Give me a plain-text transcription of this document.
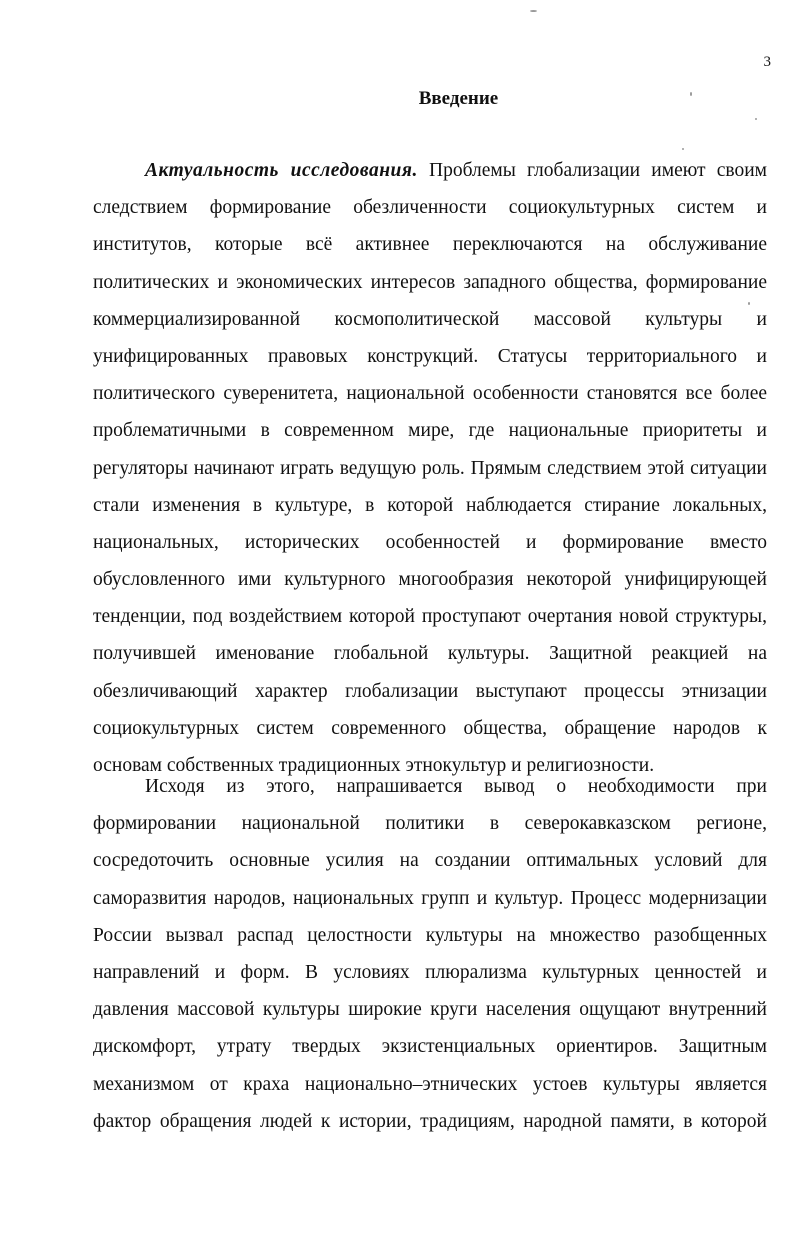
3
Введение
Актуальность исследования. Проблемы глобализации имеют своим
следствием формирование обезличенности социокультурных систем и
институтов, которые всё активнее переключаются на обслуживание
политических и экономических интересов западного общества, формирование
коммерциализированной космополитической массовой культуры и
унифицированных правовых конструкций. Статусы территориального и
политического суверенитета, национальной особенности становятся все более
проблематичными в современном мире, где национальные приоритеты и
регуляторы начинают играть ведущую роль. Прямым следствием этой ситуации
стали изменения в культуре, в которой наблюдается стирание локальных,
национальных, исторических особенностей и формирование вместо
обусловленного ими культурного многообразия некоторой унифицирующей
тенденции, под воздействием которой проступают очертания новой структуры,
получившей именование глобальной культуры. Защитной реакцией на
обезличивающий характер глобализации выступают процессы этнизации
социокультурных систем современного общества, обращение народов к
основам собственных традиционных этнокультур и религиозности.
Исходя из этого, напрашивается вывод о необходимости при
формировании национальной политики в северокавказском регионе,
сосредоточить основные усилия на создании оптимальных условий для
саморазвития народов, национальных групп и культур. Процесс модернизации
России вызвал распад целостности культуры на множество разобщенных
направлений и форм. В условиях плюрализма культурных ценностей и
давления массовой культуры широкие круги населения ощущают внутренний
дискомфорт, утрату твердых экзистенциальных ориентиров. Защитным
механизмом от краха национально–этнических устоев культуры является
фактор обращения людей к истории, традициям, народной памяти, в которой
